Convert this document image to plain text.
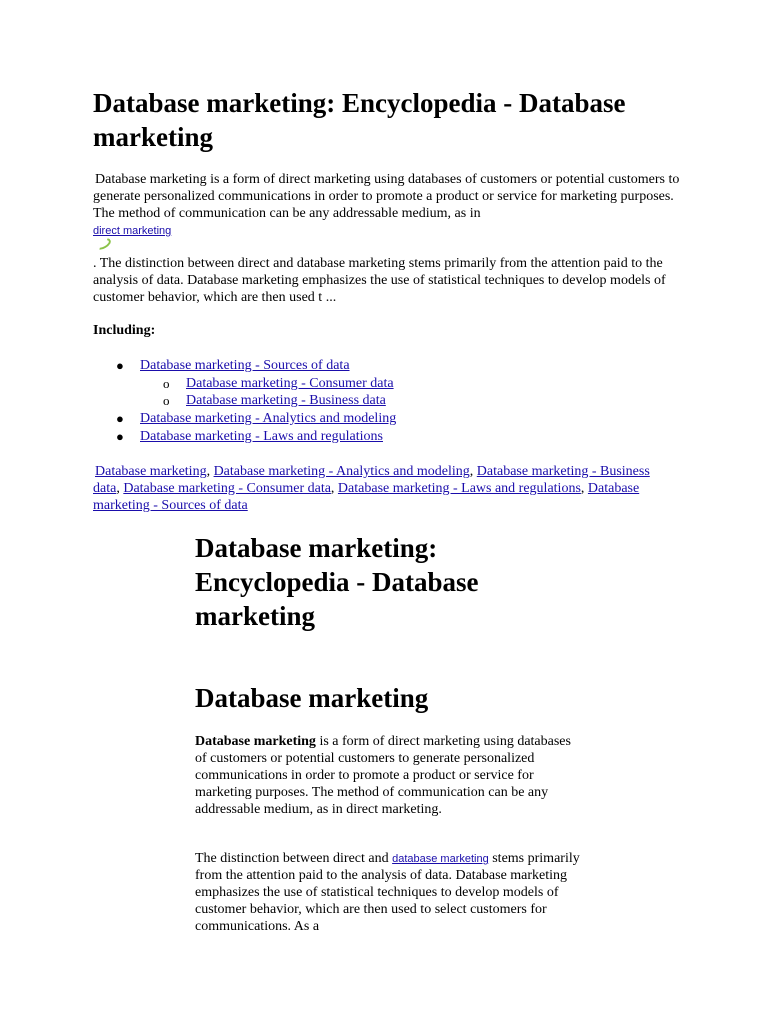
Database marketing: Encyclopedia - Database marketing
Database marketing is a form of direct marketing using databases of customers or potential customers to generate personalized communications in order to promote a product or service for marketing purposes. The method of communication can be any addressable medium, as in
direct marketing
. The distinction between direct and database marketing stems primarily from the attention paid to the analysis of data. Database marketing emphasizes the use of statistical techniques to develop models of customer behavior, which are then used t ...
Including:
● Database marketing - Sources of data
o Database marketing - Consumer data
o Database marketing - Business data
● Database marketing - Analytics and modeling
● Database marketing - Laws and regulations
Database marketing, Database marketing - Analytics and modeling, Database marketing - Business data, Database marketing - Consumer data, Database marketing - Laws and regulations, Database marketing - Sources of data
Database marketing: Encyclopedia - Database marketing
Database marketing
Database marketing is a form of direct marketing using databases of customers or potential customers to generate personalized communications in order to promote a product or service for marketing purposes. The method of communication can be any addressable medium, as in direct marketing.
The distinction between direct and database marketing stems primarily from the attention paid to the analysis of data. Database marketing emphasizes the use of statistical techniques to develop models of customer behavior, which are then used to select customers for communications. As a
